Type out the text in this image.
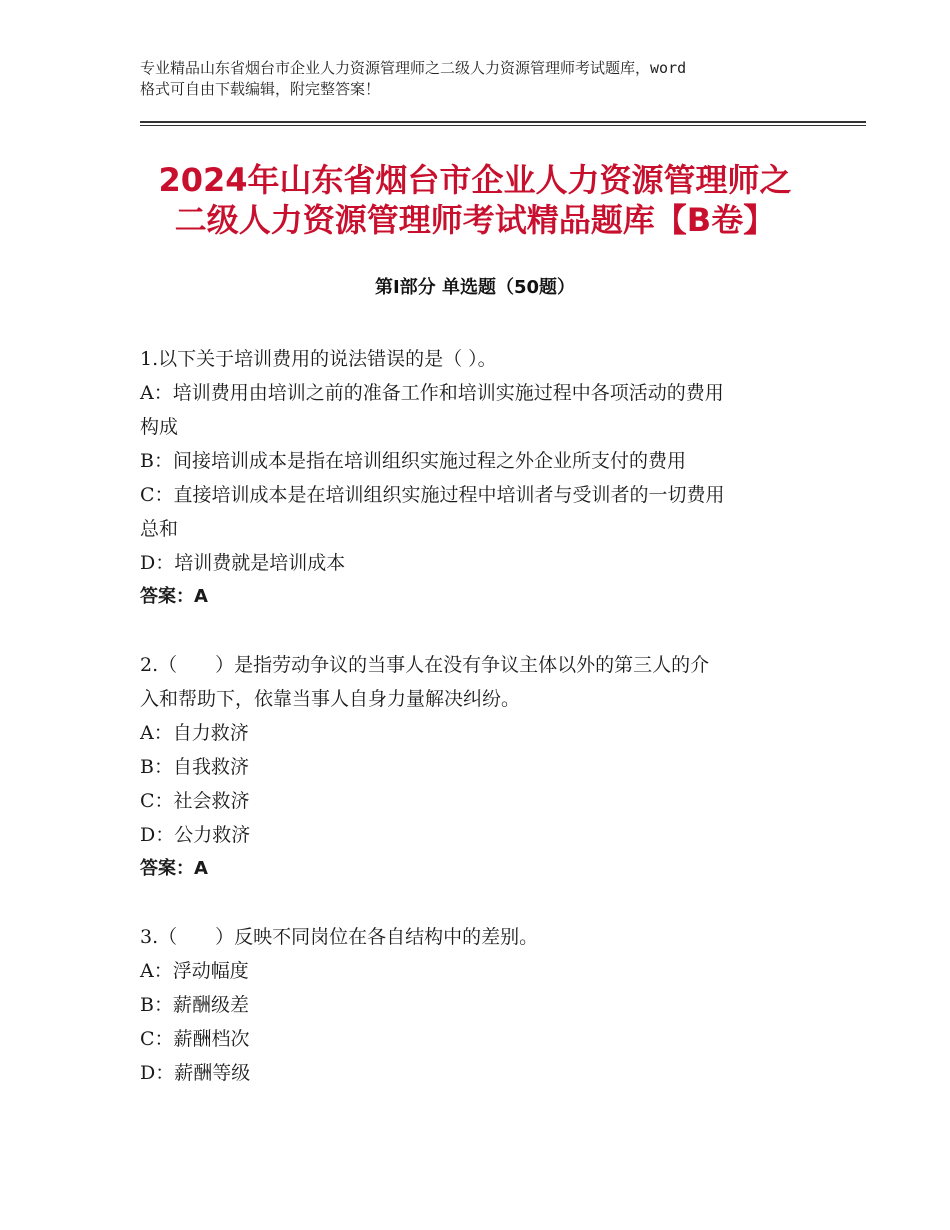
专业精品山东省烟台市企业人力资源管理师之二级人力资源管理师考试题库，word
格式可自由下载编辑，附完整答案！
2024年山东省烟台市企业人力资源管理师之
二级人力资源管理师考试精品题库【B卷】
第Ⅰ部分 单选题（50题）
1.以下关于培训费用的说法错误的是（ ）。
A：培训费用由培训之前的准备工作和培训实施过程中各项活动的费用
构成
B：间接培训成本是指在培训组织实施过程之外企业所支付的费用
C：直接培训成本是在培训组织实施过程中培训者与受训者的一切费用
总和
D：培训费就是培训成本
答案：A
2.（　　）是指劳动争议的当事人在没有争议主体以外的第三人的介
入和帮助下，依靠当事人自身力量解决纠纷。
A：自力救济
B：自我救济
C：社会救济
D：公力救济
答案：A
3.（　　）反映不同岗位在各自结构中的差别。
A：浮动幅度
B：薪酬级差
C：薪酬档次
D：薪酬等级
